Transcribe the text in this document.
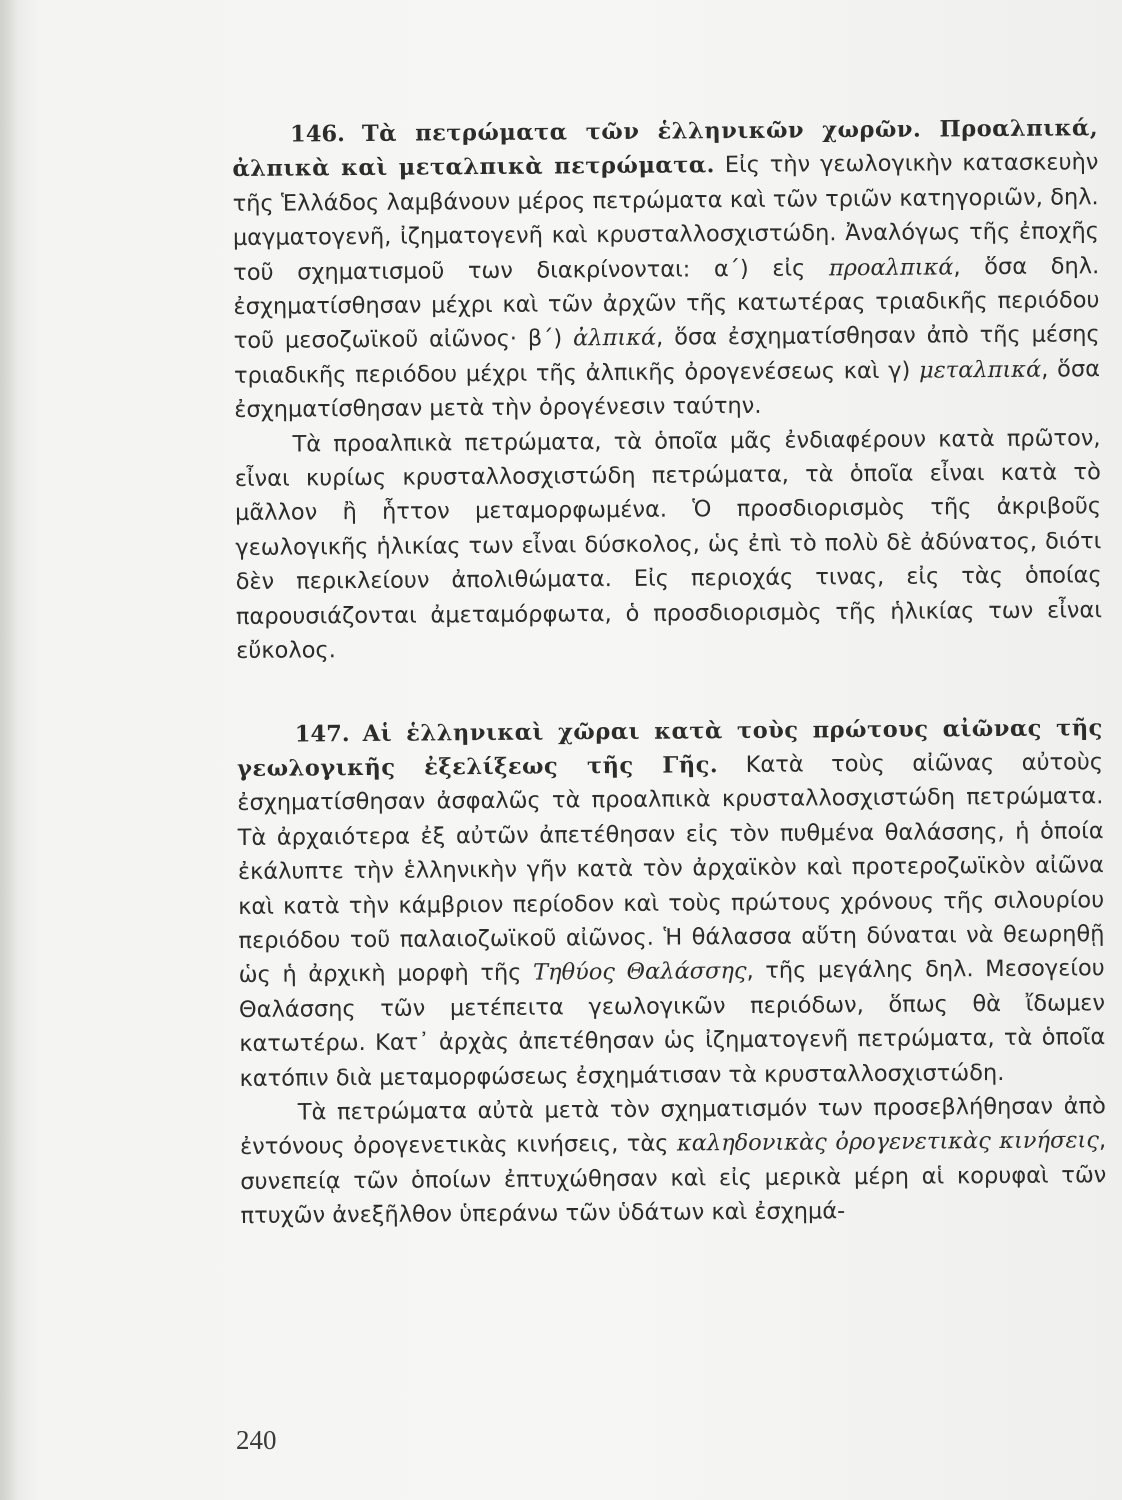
146. Τὰ πετρώματα τῶν ἑλληνικῶν χωρῶν. Προαλπικά, ἀλπικὰ καὶ μεταλπικὰ πετρώματα. Εἰς τὴν γεωλογικὴν κατασκευὴν τῆς Ἑλλάδος λαμβάνουν μέρος πετρώματα καὶ τῶν τριῶν κατηγοριῶν, δηλ. μαγματογενῆ, ἰζηματογενῆ καὶ κρυσταλλοσχιστώδη. Ἀναλόγως τῆς ἐποχῆς τοῦ σχηματισμοῦ των διακρίνονται: α΄) εἰς προαλπικά, ὅσα δηλ. ἐσχηματίσθησαν μέχρι καὶ τῶν ἀρχῶν τῆς κατωτέρας τριαδικῆς περιόδου τοῦ μεσοζωϊκοῦ αἰῶνος· β΄) ἀλπικά, ὅσα ἐσχηματίσθησαν ἀπὸ τῆς μέσης τριαδικῆς περιόδου μέχρι τῆς ἀλπικῆς ὀρογενέσεως καὶ γ) μεταλπικά, ὅσα ἐσχηματίσθησαν μετὰ τὴν ὀρογένεσιν ταύτην.

Τὰ προαλπικὰ πετρώματα, τὰ ὁποῖα μᾶς ἐνδιαφέρουν κατὰ πρῶτον, εἶναι κυρίως κρυσταλλοσχιστώδη πετρώματα, τὰ ὁποῖα εἶναι κατὰ τὸ μᾶλλον ἢ ἧττον μεταμορφωμένα. Ὁ προσδιορισμὸς τῆς ἀκριβοῦς γεωλογικῆς ἡλικίας των εἶναι δύσκολος, ὡς ἐπὶ τὸ πολὺ δὲ ἀδύνατος, διότι δὲν περικλείουν ἀπολιθώματα. Εἰς περιοχάς τινας, εἰς τὰς ὁποίας παρουσιάζονται ἀμεταμόρφωτα, ὁ προσδιορισμὸς τῆς ἡλικίας των εἶναι εὔκολος.

147. Αἱ ἑλληνικαὶ χῶραι κατὰ τοὺς πρώτους αἰῶνας τῆς γεωλογικῆς ἐξελίξεως τῆς Γῆς. Κατὰ τοὺς αἰῶνας αὐτοὺς ἐσχηματίσθησαν ἀσφαλῶς τὰ προαλπικὰ κρυσταλλοσχιστώδη πετρώματα. Τὰ ἀρχαιότερα ἐξ αὐτῶν ἀπετέθησαν εἰς τὸν πυθμένα θαλάσσης, ἡ ὁποία ἐκάλυπτε τὴν ἑλληνικὴν γῆν κατὰ τὸν ἀρχαϊκὸν καὶ προτεροζωϊκὸν αἰῶνα καὶ κατὰ τὴν κάμβριον περίοδον καὶ τοὺς πρώτους χρόνους τῆς σιλουρίου περιόδου τοῦ παλαιοζωϊκοῦ αἰῶνος. Ἡ θάλασσα αὕτη δύναται νὰ θεωρηθῇ ὡς ἡ ἀρχικὴ μορφὴ τῆς Τηθύος Θαλάσσης, τῆς μεγάλης δηλ. Μεσογείου Θαλάσσης τῶν μετέπειτα γεωλογικῶν περιόδων, ὅπως θὰ ἴδωμεν κατωτέρω. Κατ᾿ ἀρχὰς ἀπετέθησαν ὡς ἰζηματογενῆ πετρώματα, τὰ ὁποῖα κατόπιν διὰ μεταμορφώσεως ἐσχημάτισαν τὰ κρυσταλλοσχιστώδη.

Τὰ πετρώματα αὐτὰ μετὰ τὸν σχηματισμόν των προσεβλήθησαν ἀπὸ ἐντόνους ὀρογενετικὰς κινήσεις, τὰς καληδονικὰς ὀρογενετικὰς κινήσεις, συνεπείᾳ τῶν ὁποίων ἐπτυχώθησαν καὶ εἰς μερικὰ μέρη αἱ κορυφαὶ τῶν πτυχῶν ἀνεξῆλθον ὑπεράνω τῶν ὑδάτων καὶ ἐσχημά-

240
